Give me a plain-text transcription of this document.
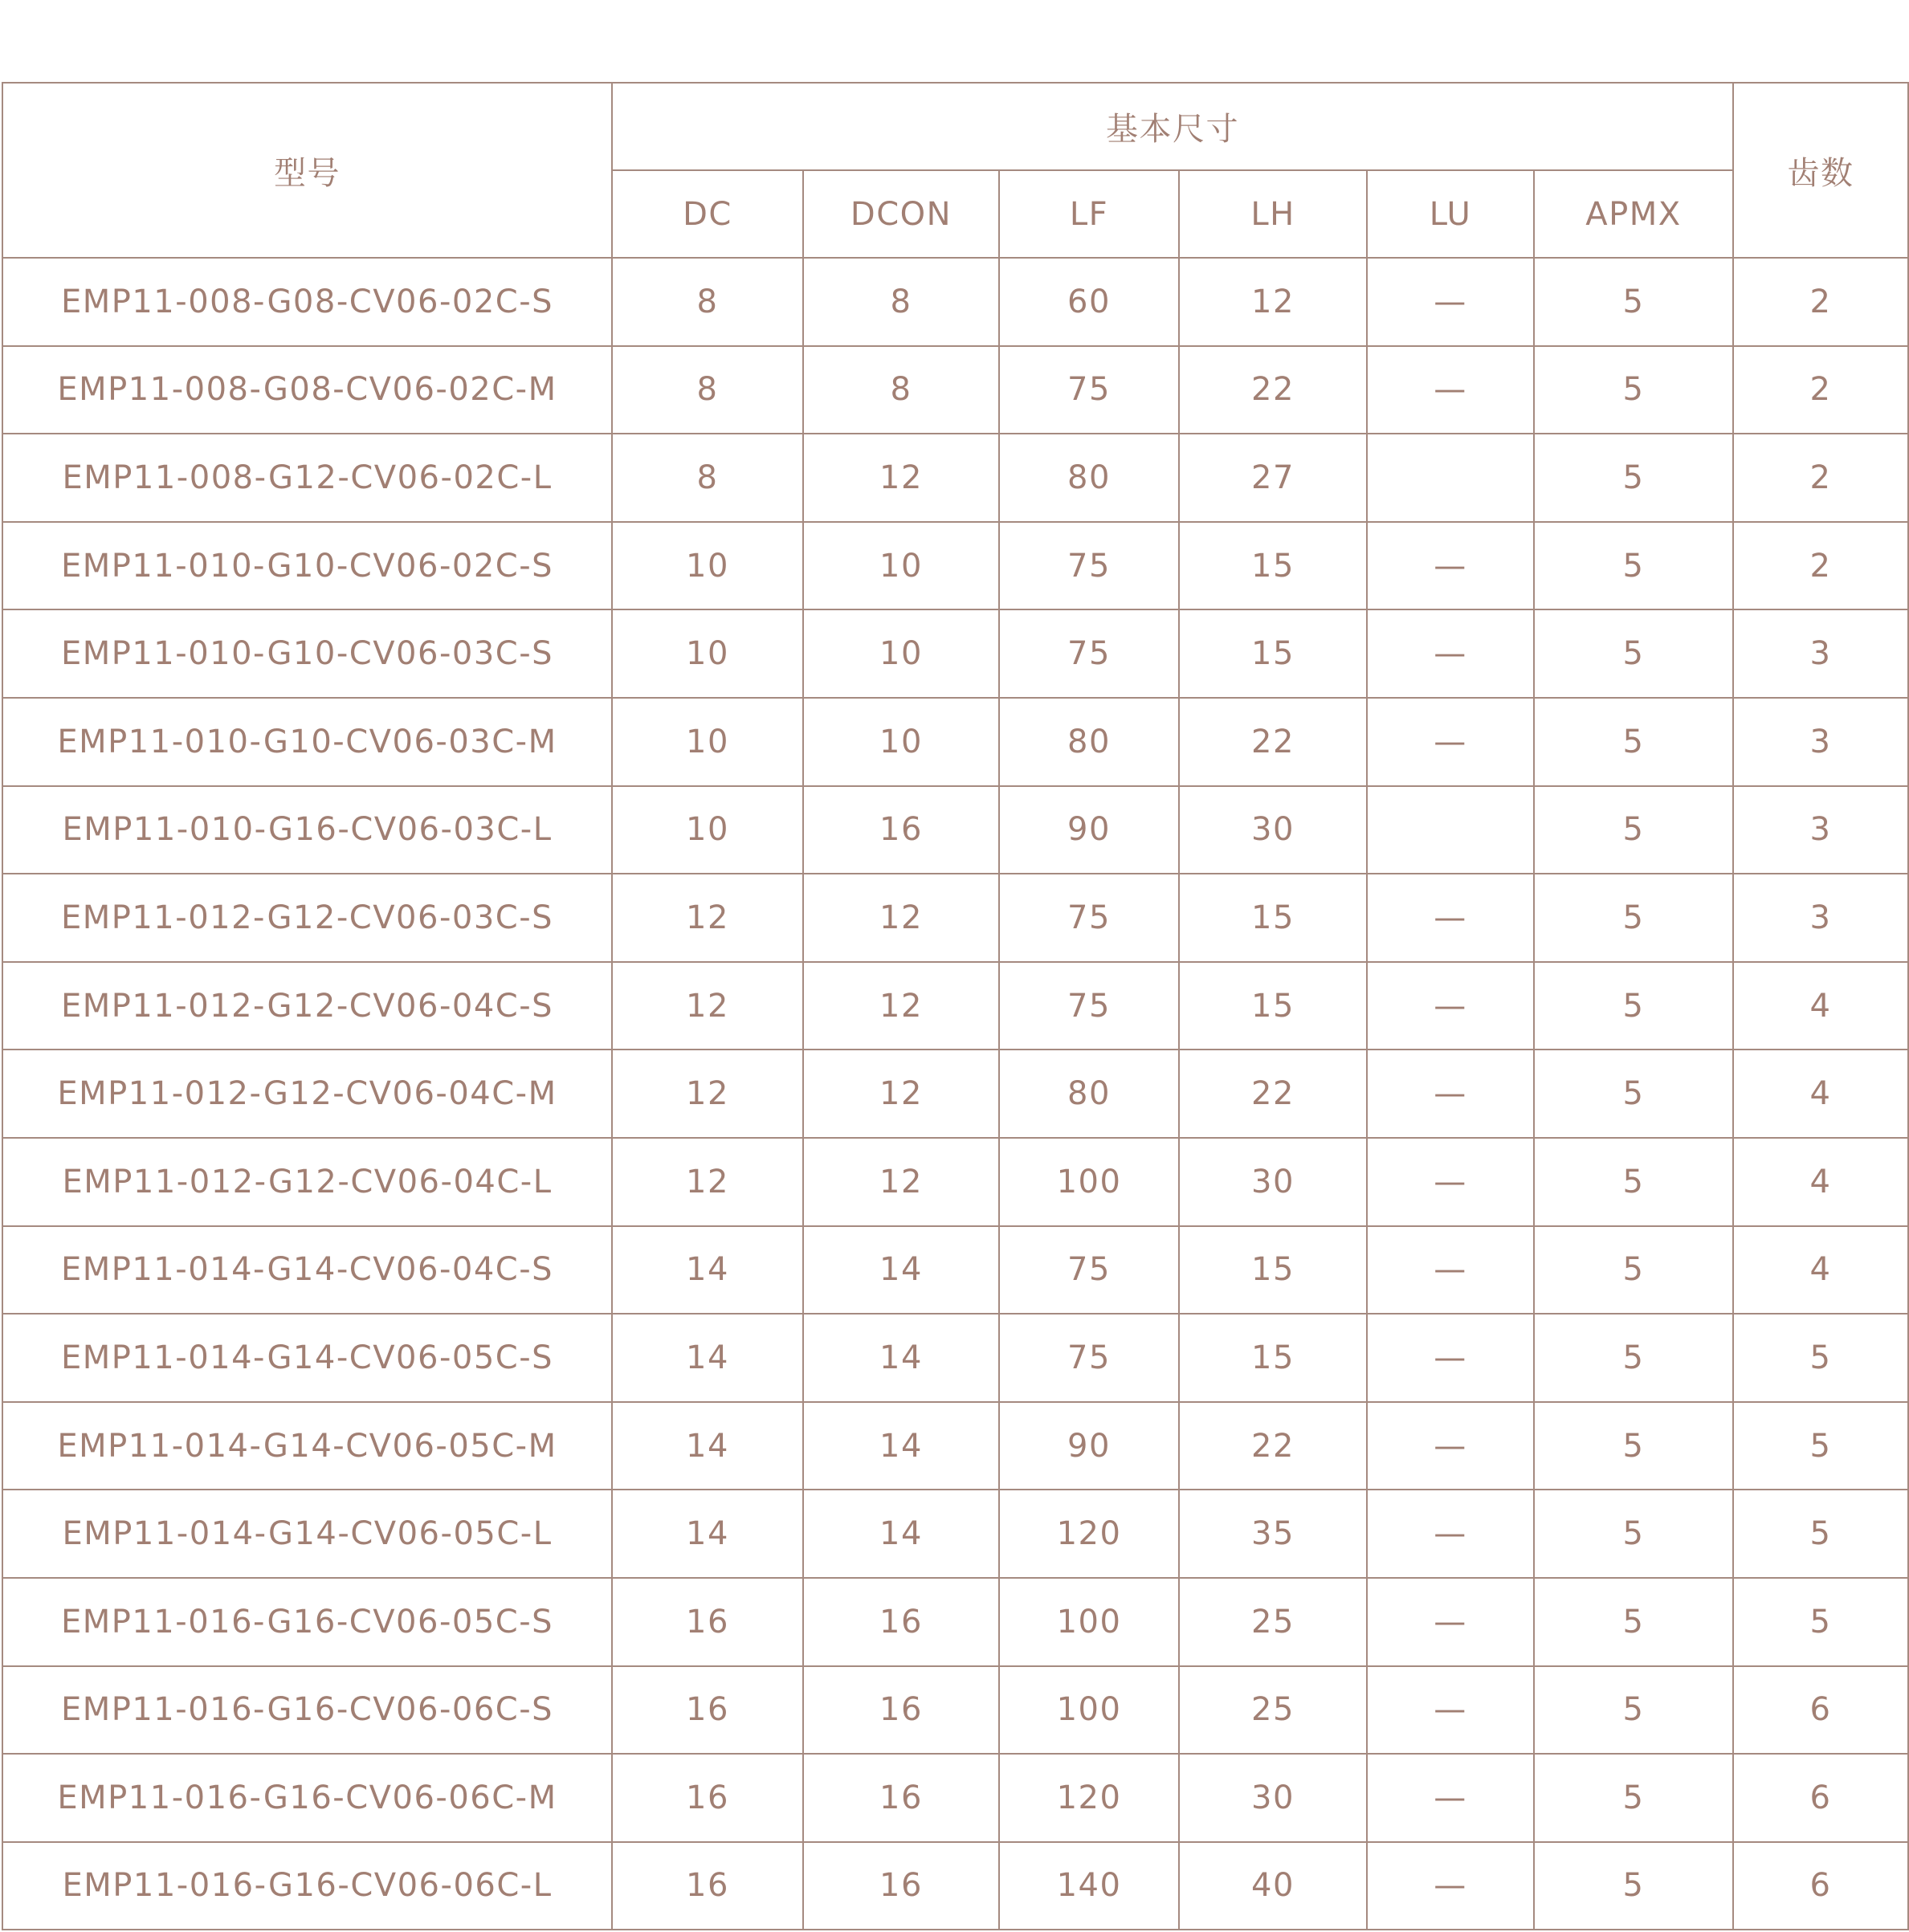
型号	基本尺寸						齿数
	DC	DCON	LF	LH	LU	APMX	
EMP11-008-G08-CV06-02C-S	8	8	60	12	—	5	2
EMP11-008-G08-CV06-02C-M	8	8	75	22	—	5	2
EMP11-008-G12-CV06-02C-L	8	12	80	27		5	2
EMP11-010-G10-CV06-02C-S	10	10	75	15	—	5	2
EMP11-010-G10-CV06-03C-S	10	10	75	15	—	5	3
EMP11-010-G10-CV06-03C-M	10	10	80	22	—	5	3
EMP11-010-G16-CV06-03C-L	10	16	90	30		5	3
EMP11-012-G12-CV06-03C-S	12	12	75	15	—	5	3
EMP11-012-G12-CV06-04C-S	12	12	75	15	—	5	4
EMP11-012-G12-CV06-04C-M	12	12	80	22	—	5	4
EMP11-012-G12-CV06-04C-L	12	12	100	30	—	5	4
EMP11-014-G14-CV06-04C-S	14	14	75	15	—	5	4
EMP11-014-G14-CV06-05C-S	14	14	75	15	—	5	5
EMP11-014-G14-CV06-05C-M	14	14	90	22	—	5	5
EMP11-014-G14-CV06-05C-L	14	14	120	35	—	5	5
EMP11-016-G16-CV06-05C-S	16	16	100	25	—	5	5
EMP11-016-G16-CV06-06C-S	16	16	100	25	—	5	6
EMP11-016-G16-CV06-06C-M	16	16	120	30	—	5	6
EMP11-016-G16-CV06-06C-L	16	16	140	40	—	5	6
